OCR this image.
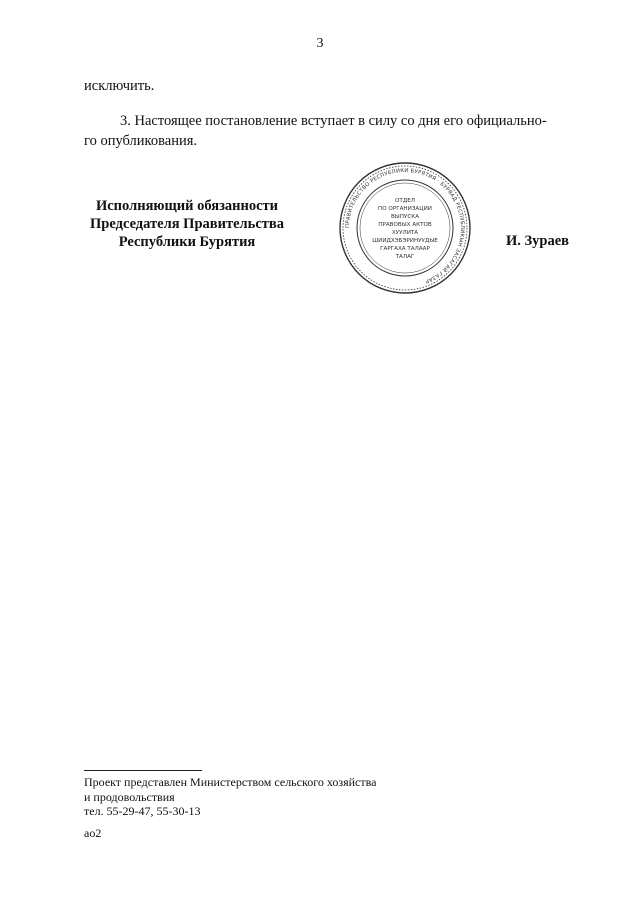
3
исключить.
3. Настоящее постановление вступает в силу со дня его официально-
го опубликования.
Исполняющий обязанности
Председателя Правительства
Республики Бурятия
ПРАВИТЕЛЬСТВО РЕСПУБЛИКИ БУРЯТИЯ · БУРЯАД РЕСПУБЛИКЫН ЗАСАГАЙ ГАЗАР
ОТДЕЛ
ПО ОРГАНИЗАЦИИ
ВЫПУСКА
ПРАВОВЫХ АКТОВ
ХУУЛИТА
ШИИДХЭБЭРИНУУДЫЕ
ГАРГАХА ТАЛААР
ТАЛАГ
И. Зураев
Проект представлен Министерством сельского хозяйства
и продовольствия
тел. 55-29-47, 55-30-13
ао2
